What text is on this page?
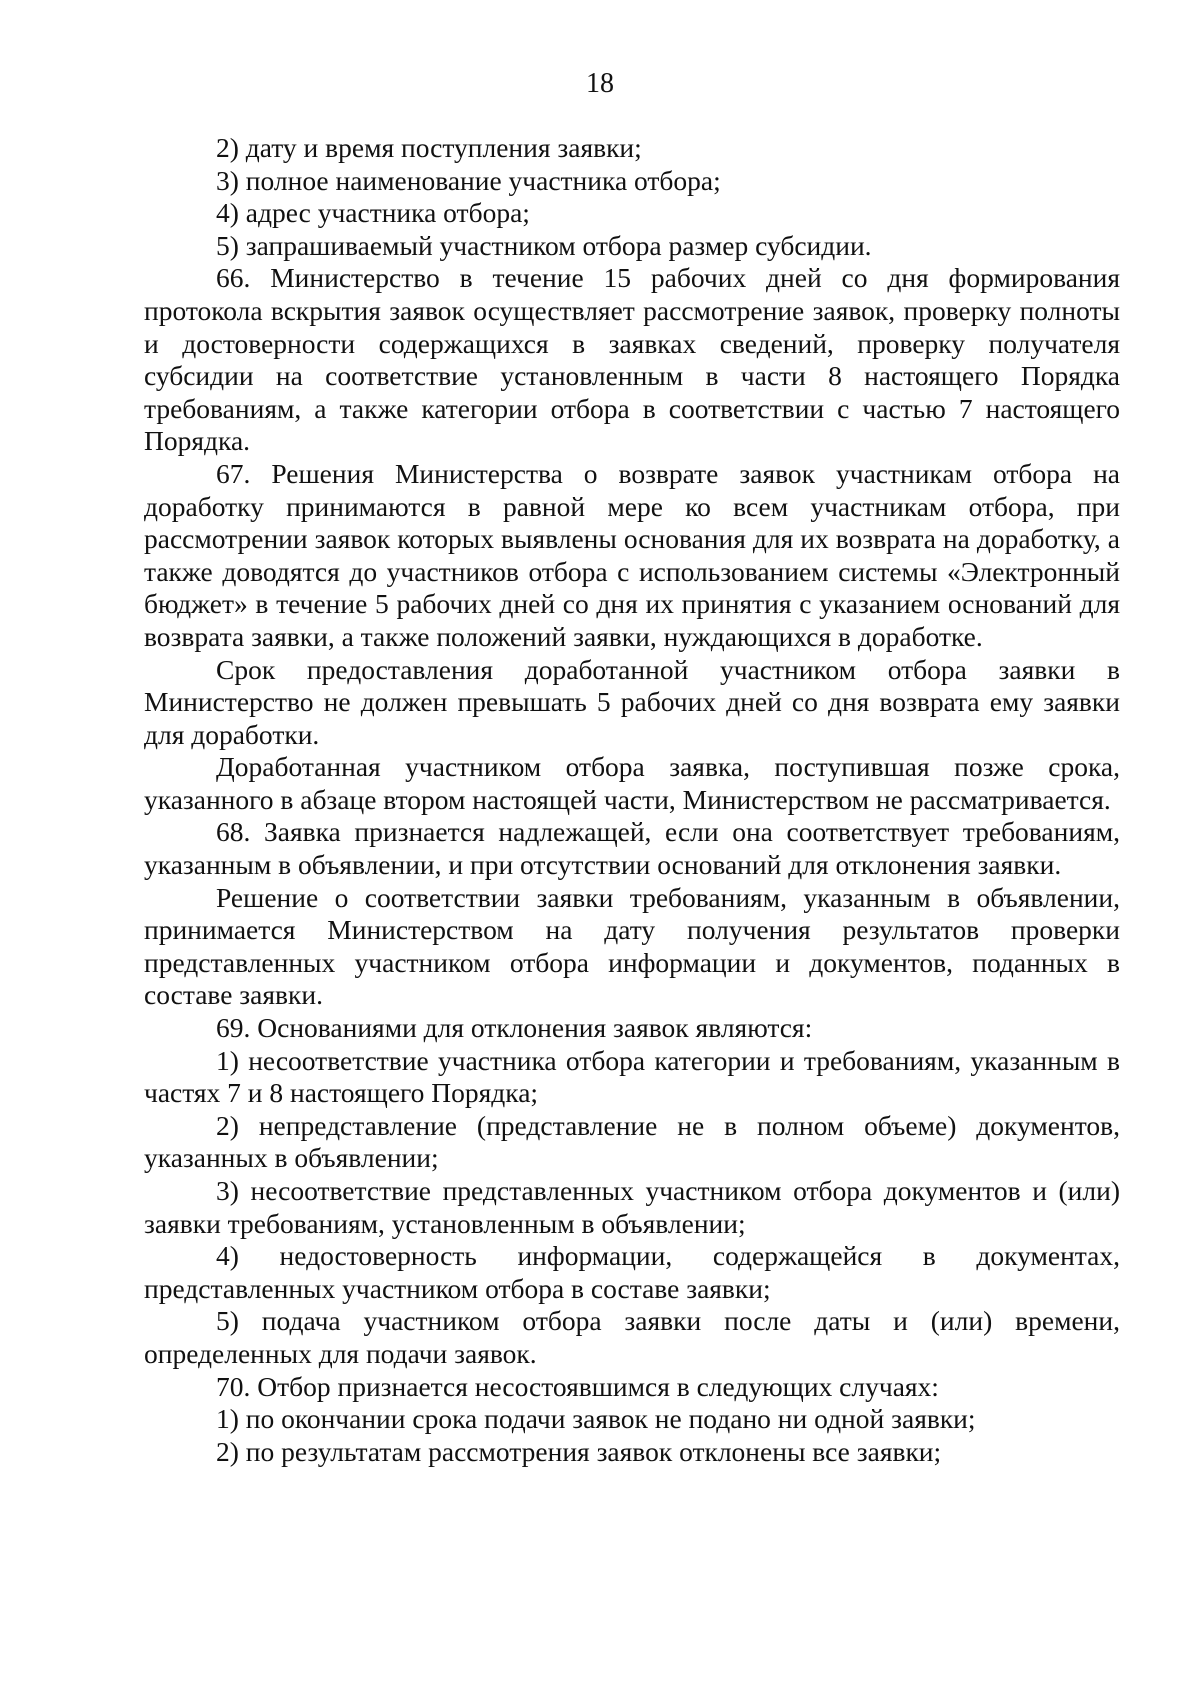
18

2) дату и время поступления заявки;

3) полное наименование участника отбора;

4) адрес участника отбора;

5) запрашиваемый участником отбора размер субсидии.

66. Министерство в течение 15 рабочих дней со дня формирования протокола вскрытия заявок осуществляет рассмотрение заявок, проверку полноты и достоверности содержащихся в заявках сведений, проверку получателя субсидии на соответствие установленным в части 8 настоящего Порядка требованиям, а также категории отбора в соответствии с частью 7 настоящего Порядка.

67. Решения Министерства о возврате заявок участникам отбора на доработку принимаются в равной мере ко всем участникам отбора, при рассмотрении заявок которых выявлены основания для их возврата на доработку, а также доводятся до участников отбора с использованием системы «Электронный бюджет» в течение 5 рабочих дней со дня их принятия с указанием оснований для возврата заявки, а также положений заявки, нуждающихся в доработке.

Срок предоставления доработанной участником отбора заявки в Министерство не должен превышать 5 рабочих дней со дня возврата ему заявки для доработки.

Доработанная участником отбора заявка, поступившая позже срока, указанного в абзаце втором настоящей части, Министерством не рассматривается.

68. Заявка признается надлежащей, если она соответствует требованиям, указанным в объявлении, и при отсутствии оснований для отклонения заявки.

Решение о соответствии заявки требованиям, указанным в объявлении, принимается Министерством на дату получения результатов проверки представленных участником отбора информации и документов, поданных в составе заявки.

69. Основаниями для отклонения заявок являются:

1) несоответствие участника отбора категории и требованиям, указанным в частях 7 и 8 настоящего Порядка;

2) непредставление (представление не в полном объеме) документов, указанных в объявлении;

3) несоответствие представленных участником отбора документов и (или) заявки требованиям, установленным в объявлении;

4) недостоверность информации, содержащейся в документах, представленных участником отбора в составе заявки;

5) подача участником отбора заявки после даты и (или) времени, определенных для подачи заявок.

70. Отбор признается несостоявшимся в следующих случаях:

1) по окончании срока подачи заявок не подано ни одной заявки;

2) по результатам рассмотрения заявок отклонены все заявки;
